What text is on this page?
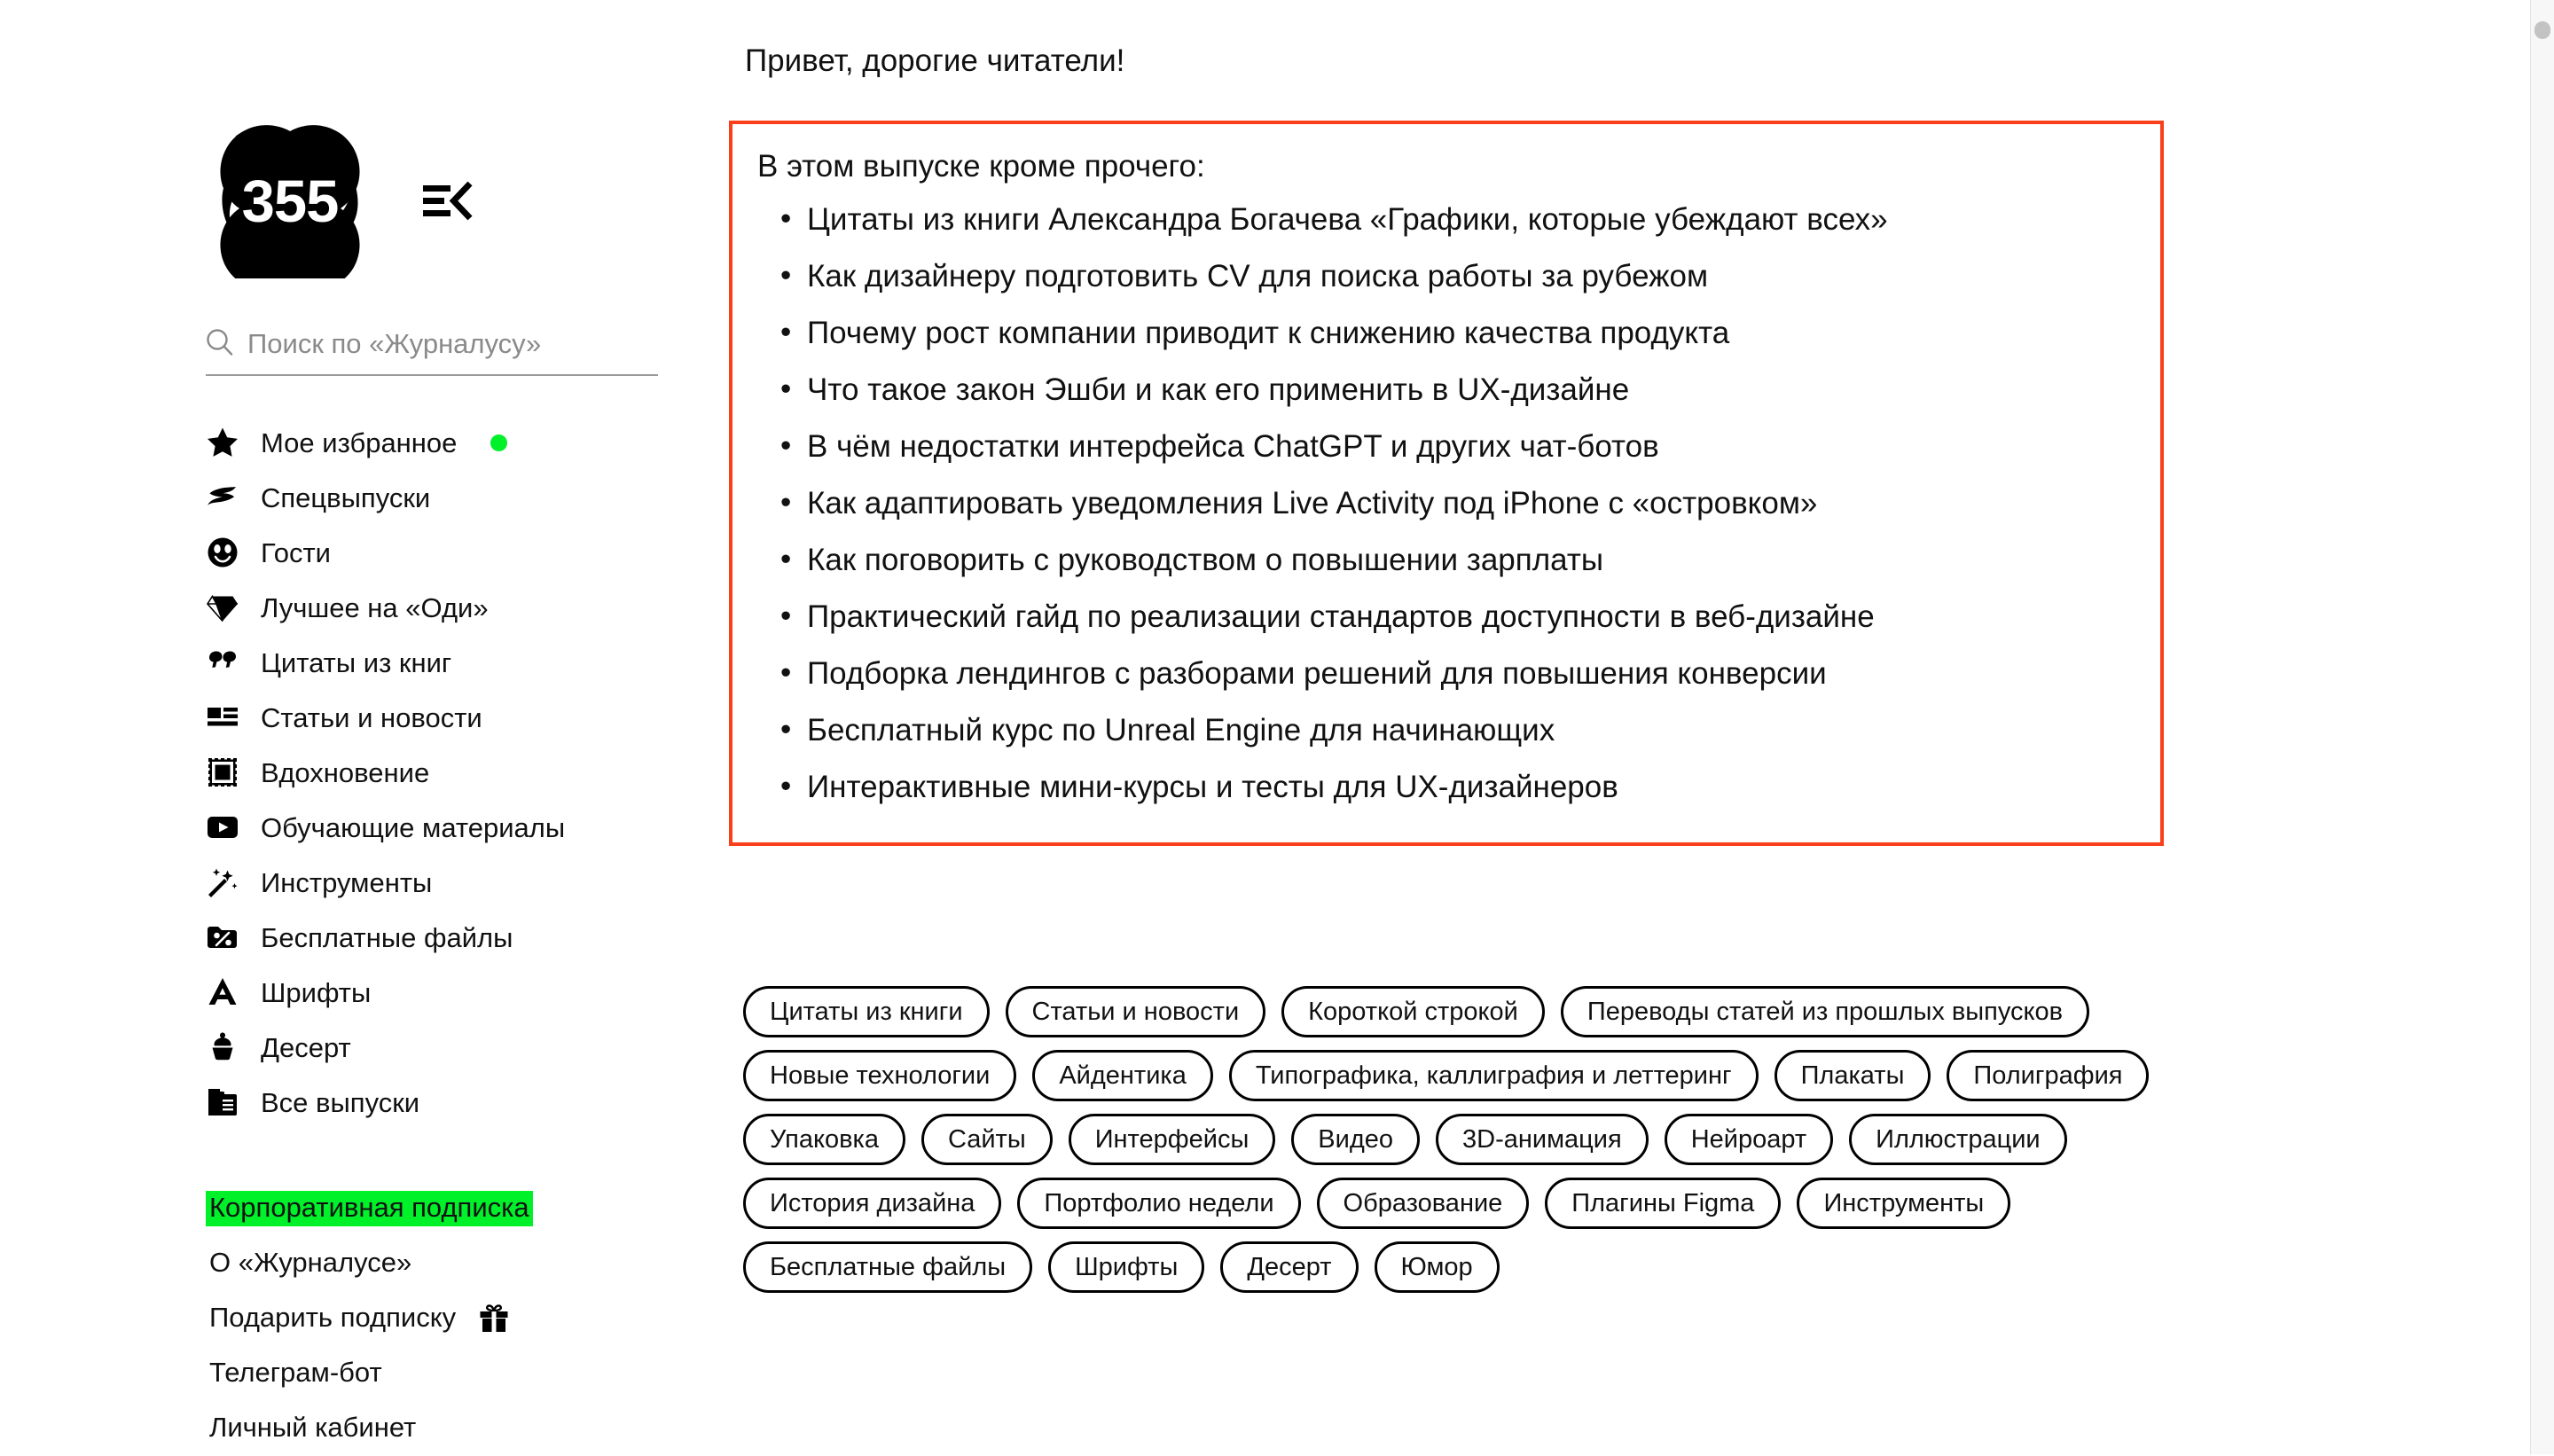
355
Поиск по «Журналусу»
Мое избранное
Спецвыпуски
Гости
Лучшее на «Оди»
Цитаты из книг
Статьи и новости
Вдохновение
Обучающие материалы
Инструменты
Бесплатные файлы
Шрифты
Десерт
Все выпуски
Корпоративная подписка
О «Журналусе»
Подарить подписку
Телеграм-бот
Личный кабинет
Привет, дорогие читатели!

В этом выпуске кроме прочего:

• Цитаты из книги Александра Богачева «Графики, которые убеждают всех»
• Как дизайнеру подготовить CV для поиска работы за рубежом
• Почему рост компании приводит к снижению качества продукта
• Что такое закон Эшби и как его применить в UX-дизайне
• В чём недостатки интерфейса ChatGPT и других чат-ботов
• Как адаптировать уведомления Live Activity под iPhone с «островком»
• Как поговорить с руководством о повышении зарплаты
• Практический гайд по реализации стандартов доступности в веб-дизайне
• Подборка лендингов с разборами решений для повышения конверсии
• Бесплатный курс по Unreal Engine для начинающих
• Интерактивные мини-курсы и тесты для UX-дизайнеров
Цитаты из книги	Статьи и новости	Короткой строкой	Переводы статей из прошлых выпусков
Новые технологии	Айдентика	Типографика, каллиграфия и леттеринг	Плакаты	Полиграфия
Упаковка	Сайты	Интерфейсы	Видео	3D-анимация	Нейроарт	Иллюстрации
История дизайна	Портфолио недели	Образование	Плагины Figma	Инструменты
Бесплатные файлы	Шрифты	Десерт	Юмор
